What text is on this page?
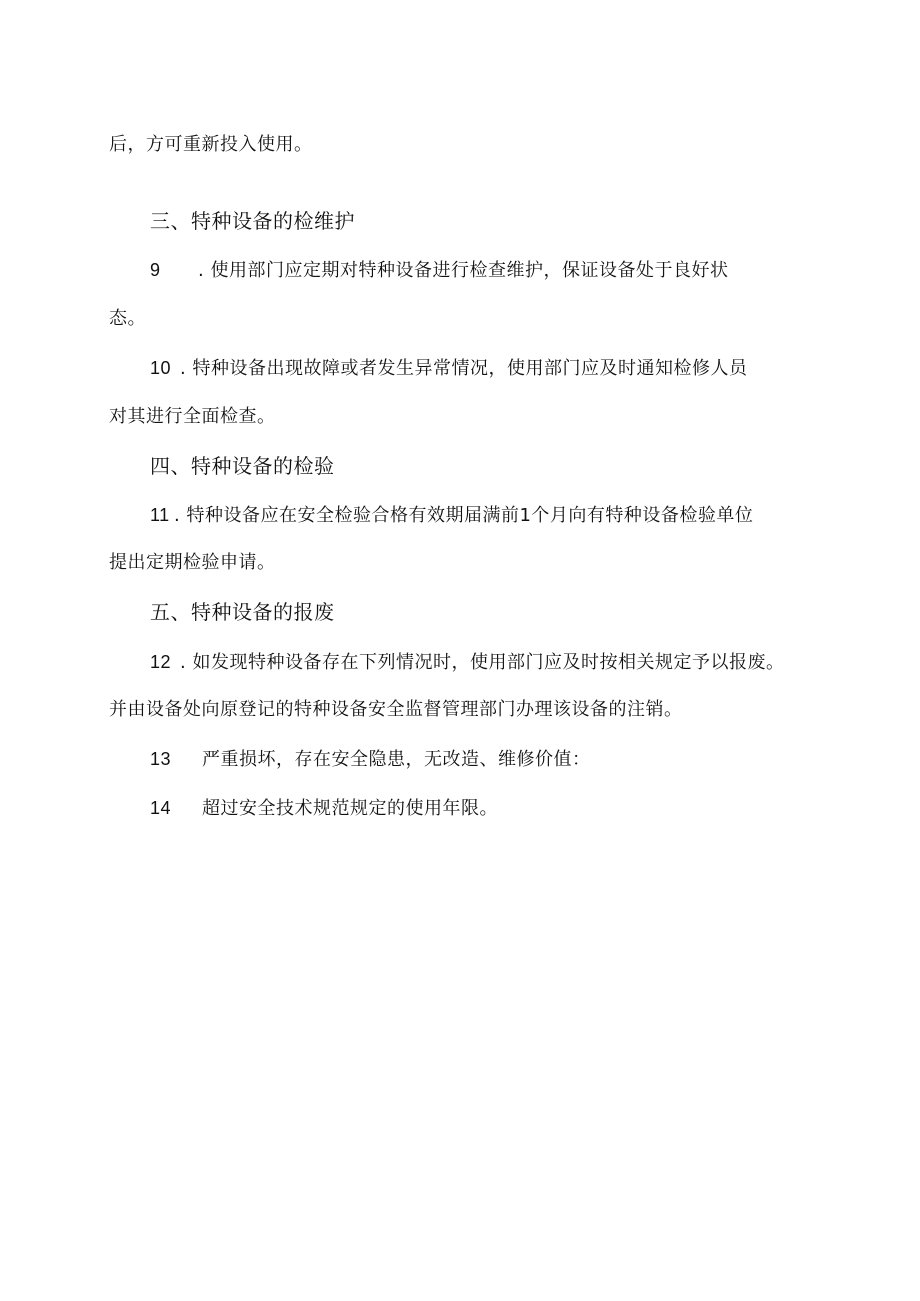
后，方可重新投入使用。
三、特种设备的检维护
9 . 使用部门应定期对特种设备进行检查维护，保证设备处于良好状
态。
10 . 特种设备出现故障或者发生异常情况，使用部门应及时通知检修人员
对其进行全面检查。
四、特种设备的检验
11 . 特种设备应在安全检验合格有效期届满前1个月向有特种设备检验单位
提出定期检验申请。
五、特种设备的报废
12 . 如发现特种设备存在下列情况时，使用部门应及时按相关规定予以报废。
并由设备处向原登记的特种设备安全监督管理部门办理该设备的注销。
13 严重损坏，存在安全隐患，无改造、维修价值：
14 超过安全技术规范规定的使用年限。
